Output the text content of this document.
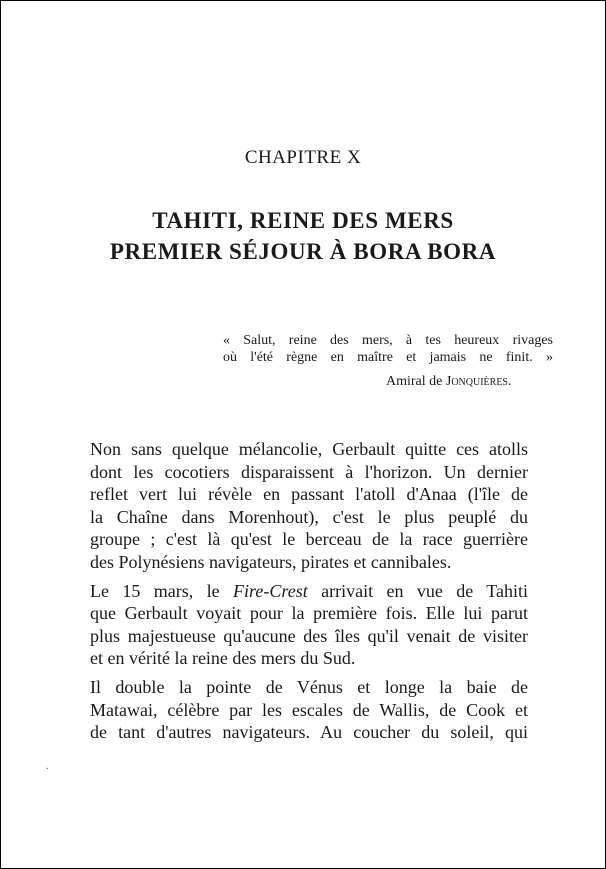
CHAPITRE X
TAHITI, REINE DES MERS
PREMIER SÉJOUR À BORA BORA
« Salut, reine des mers, à tes heureux rivages
où l'été règne en maître et jamais ne finit. »
Amiral de Jonquières.
Non sans quelque mélancolie, Gerbault quitte ces atolls
dont les cocotiers disparaissent à l'horizon. Un dernier
reflet vert lui révèle en passant l'atoll d'Anaa (l'île de
la Chaîne dans Morenhout), c'est le plus peuplé du
groupe ; c'est là qu'est le berceau de la race guerrière
des Polynésiens navigateurs, pirates et cannibales.
Le 15 mars, le Fire-Crest arrivait en vue de Tahiti
que Gerbault voyait pour la première fois. Elle lui parut
plus majestueuse qu'aucune des îles qu'il venait de visiter
et en vérité la reine des mers du Sud.
Il double la pointe de Vénus et longe la baie de
Matawai, célèbre par les escales de Wallis, de Cook et
de tant d'autres navigateurs. Au coucher du soleil, qui
.
